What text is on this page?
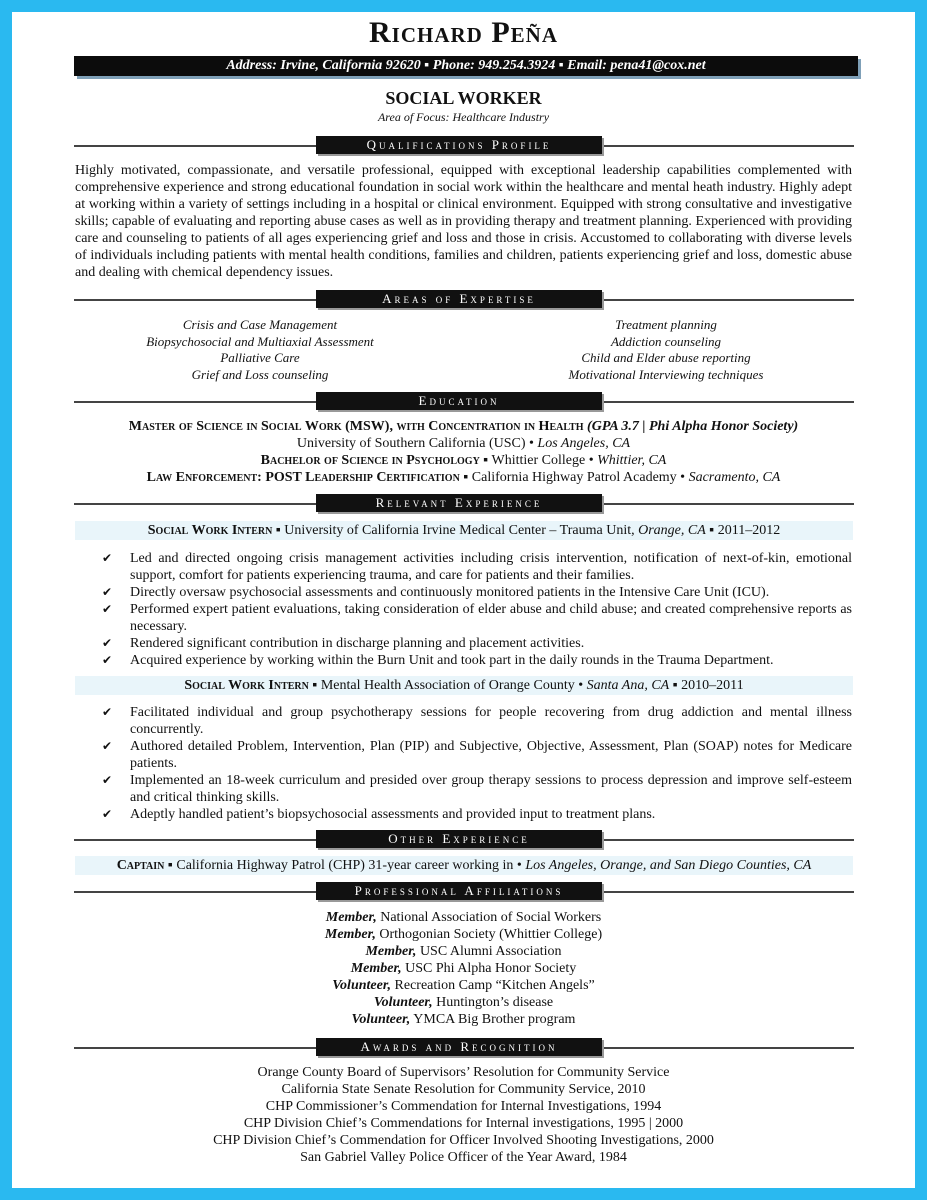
Richard Peña
Address: Irvine, California 92620 ▪ Phone: 949.254.3924 ▪ Email: pena41@cox.net
SOCIAL WORKER
Area of Focus: Healthcare Industry
Qualifications Profile
Highly motivated, compassionate, and versatile professional, equipped with exceptional leadership capabilities complemented with comprehensive experience and strong educational foundation in social work within the healthcare and mental heath industry. Highly adept at working within a variety of settings including in a hospital or clinical environment. Equipped with strong consultative and investigative skills; capable of evaluating and reporting abuse cases as well as in providing therapy and treatment planning. Experienced with providing care and counseling to patients of all ages experiencing grief and loss and those in crisis. Accustomed to collaborating with diverse levels of individuals including patients with mental health conditions, families and children, patients experiencing grief and loss, domestic abuse and dealing with chemical dependency issues.
Areas of Expertise
Crisis and Case Management
Biopsychosocial and Multiaxial Assessment
Palliative Care
Grief and Loss counseling
Treatment planning
Addiction counseling
Child and Elder abuse reporting
Motivational Interviewing techniques
Education
Master of Science in Social Work (MSW), with Concentration in Health (GPA 3.7 | Phi Alpha Honor Society)
University of Southern California (USC) • Los Angeles, CA
Bachelor of Science in Psychology ▪ Whittier College • Whittier, CA
Law Enforcement: POST Leadership Certification ▪ California Highway Patrol Academy • Sacramento, CA
Relevant Experience
Social Work Intern ▪ University of California Irvine Medical Center – Trauma Unit, Orange, CA ▪ 2011–2012
✔ Led and directed ongoing crisis management activities including crisis intervention, notification of next-of-kin, emotional support, comfort for patients experiencing trauma, and care for patients and their families.
✔ Directly oversaw psychosocial assessments and continuously monitored patients in the Intensive Care Unit (ICU).
✔ Performed expert patient evaluations, taking consideration of elder abuse and child abuse; and created comprehensive reports as necessary.
✔ Rendered significant contribution in discharge planning and placement activities.
✔ Acquired experience by working within the Burn Unit and took part in the daily rounds in the Trauma Department.
Social Work Intern ▪ Mental Health Association of Orange County • Santa Ana, CA ▪ 2010–2011
✔ Facilitated individual and group psychotherapy sessions for people recovering from drug addiction and mental illness concurrently.
✔ Authored detailed Problem, Intervention, Plan (PIP) and Subjective, Objective, Assessment, Plan (SOAP) notes for Medicare patients.
✔ Implemented an 18-week curriculum and presided over group therapy sessions to process depression and improve self-esteem and critical thinking skills.
✔ Adeptly handled patient’s biopsychosocial assessments and provided input to treatment plans.
Other Experience
Captain ▪ California Highway Patrol (CHP) 31-year career working in • Los Angeles, Orange, and San Diego Counties, CA
Professional Affiliations
Member, National Association of Social Workers
Member, Orthogonian Society (Whittier College)
Member, USC Alumni Association
Member, USC Phi Alpha Honor Society
Volunteer, Recreation Camp “Kitchen Angels”
Volunteer, Huntington’s disease
Volunteer, YMCA Big Brother program
Awards and Recognition
Orange County Board of Supervisors’ Resolution for Community Service
California State Senate Resolution for Community Service, 2010
CHP Commissioner’s Commendation for Internal Investigations, 1994
CHP Division Chief’s Commendations for Internal investigations, 1995 | 2000
CHP Division Chief’s Commendation for Officer Involved Shooting Investigations, 2000
San Gabriel Valley Police Officer of the Year Award, 1984
